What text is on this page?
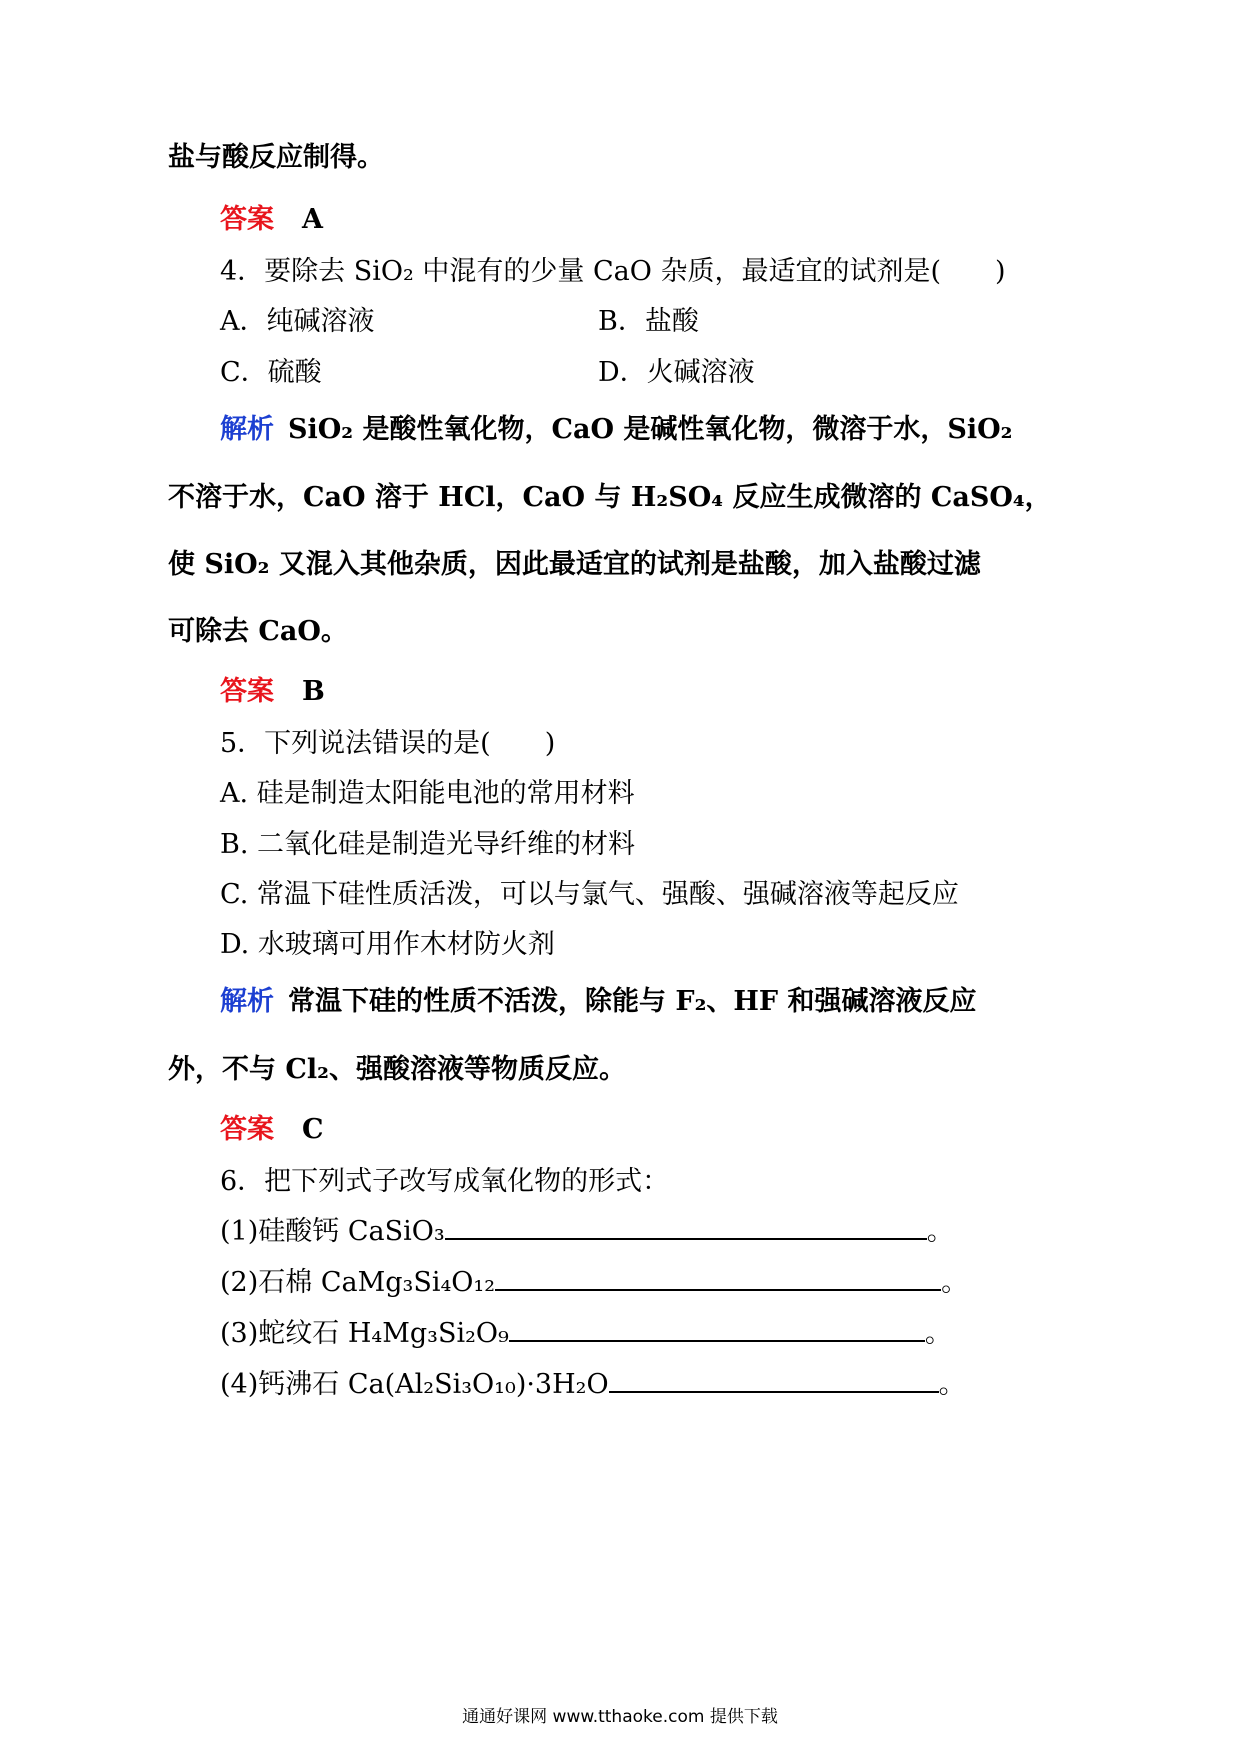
盐与酸反应制得。
答案 A
4．要除去 SiO₂ 中混有的少量 CaO 杂质，最适宜的试剂是(　　)
A．纯碱溶液	B．盐酸
C．硫酸	D．火碱溶液
解析 SiO₂ 是酸性氧化物，CaO 是碱性氧化物，微溶于水，SiO₂
不溶于水，CaO 溶于 HCl，CaO 与 H₂SO₄ 反应生成微溶的 CaSO₄，
使 SiO₂ 又混入其他杂质，因此最适宜的试剂是盐酸，加入盐酸过滤
可除去 CaO。
答案 B
5．下列说法错误的是(　　)
A. 硅是制造太阳能电池的常用材料
B. 二氧化硅是制造光导纤维的材料
C. 常温下硅性质活泼，可以与氯气、强酸、强碱溶液等起反应
D. 水玻璃可用作木材防火剂
解析 常温下硅的性质不活泼，除能与 F₂、HF 和强碱溶液反应
外，不与 Cl₂、强酸溶液等物质反应。
答案 C
6．把下列式子改写成氧化物的形式：
(1)硅酸钙 CaSiO₃	。
(2)石棉 CaMg₃Si₄O₁₂	。
(3)蛇纹石 H₄Mg₃Si₂O₉	。
(4)钙沸石 Ca(Al₂Si₃O₁₀)·3H₂O	。
通通好课网 www.tthaoke.com 提供下载
